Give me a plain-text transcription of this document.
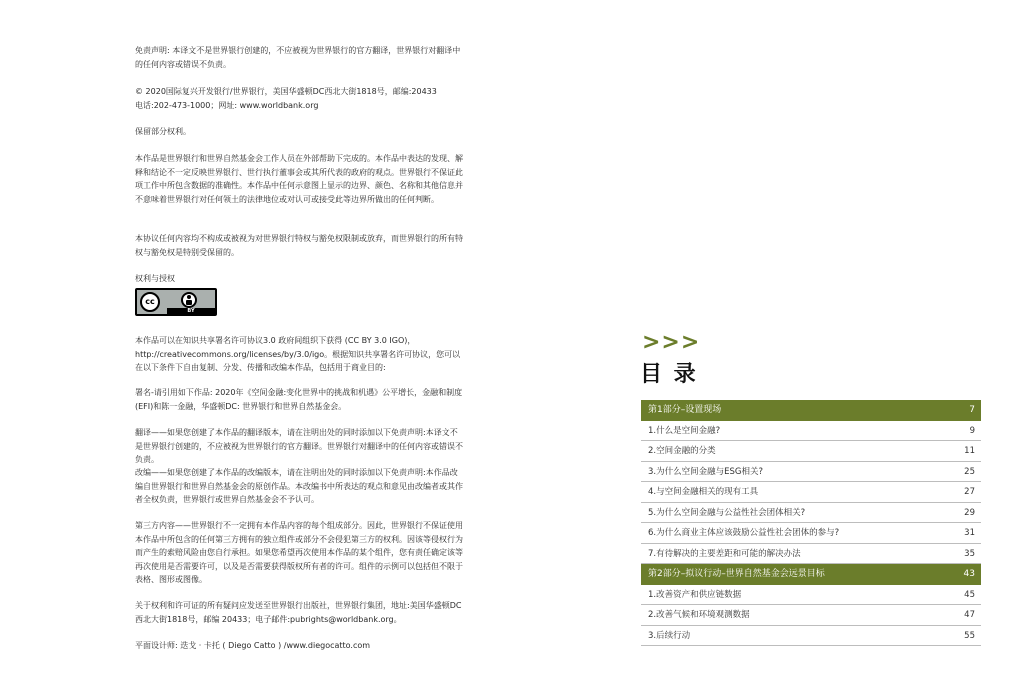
免责声明: 本译文不是世界银行创建的，不应被视为世界银行的官方翻译，世界银行对翻译中的任何内容或错误不负责。

© 2020国际复兴开发银行/世界银行，美国华盛顿DC西北大街1818号，邮编:20433

电话:202-473-1000；网址: www.worldbank.org

保留部分权利。

本作品是世界银行和世界自然基金会工作人员在外部帮助下完成的。本作品中表达的发现、解释和结论不一定反映世界银行、世行执行董事会或其所代表的政府的观点。世界银行不保证此项工作中所包含数据的准确性。本作品中任何示意图上显示的边界、颜色、名称和其他信息并不意味着世界银行对任何领土的法律地位或对认可或接受此等边界所做出的任何判断。

本协议任何内容均不构成或被视为对世界银行特权与豁免权限制或放弃，而世界银行的所有特权与豁免权是特别受保留的。

权利与授权

cc
BY

本作品可以在知识共享署名许可协议3.0 政府间组织下获得 (CC BY 3.0 IGO)，http://creativecommons.org/licenses/by/3.0/igo。根据知识共享署名许可协议，您可以在以下条件下自由复制、分发、传播和改编本作品，包括用于商业目的:

署名-请引用如下作品: 2020年《空间金融:变化世界中的挑战和机遇》公平增长，金融和制度(EFI)和陈一金融，华盛顿DC: 世界银行和世界自然基金会。

翻译——如果您创建了本作品的翻译版本，请在注明出处的同时添加以下免责声明:本译文不是世界银行创建的，不应被视为世界银行的官方翻译。世界银行对翻译中的任何内容或错误不负责。

改编——如果您创建了本作品的改编版本，请在注明出处的同时添加以下免责声明:本作品改编自世界银行和世界自然基金会的原创作品。本改编书中所表达的观点和意见由改编者或其作者全权负责，世界银行或世界自然基金会不予认可。

第三方内容——世界银行不一定拥有本作品内容的每个组成部分。因此，世界银行不保证使用本作品中所包含的任何第三方拥有的独立组件或部分不会侵犯第三方的权利。因该等侵权行为而产生的索赔风险由您自行承担。如果您希望再次使用本作品的某个组件，您有责任确定该等再次使用是否需要许可，以及是否需要获得版权所有者的许可。组件的示例可以包括但不限于表格、图形或图像。

关于权利和许可证的所有疑问应发送至世界银行出版社，世界银行集团，地址:美国华盛顿DC西北大街1818号，邮编 20433；电子邮件:pubrights@worldbank.org。

平面设计师: 迭戈 · 卡托 ( Diego Catto ) /www.diegocatto.com

>>>
目 录
第1部分–设置现场	7
1.什么是空间金融?	9
2.空间金融的分类	11
3.为什么空间金融与ESG相关?	25
4.与空间金融相关的现有工具	27
5.为什么空间金融与公益性社会团体相关?	29
6.为什么商业主体应该鼓励公益性社会团体的参与?	31
7.有待解决的主要差距和可能的解决办法	35
第2部分–拟议行动–世界自然基金会远景目标	43
1.改善资产和供应链数据	45
2.改善气候和环境观测数据	47
3.后续行动	55
